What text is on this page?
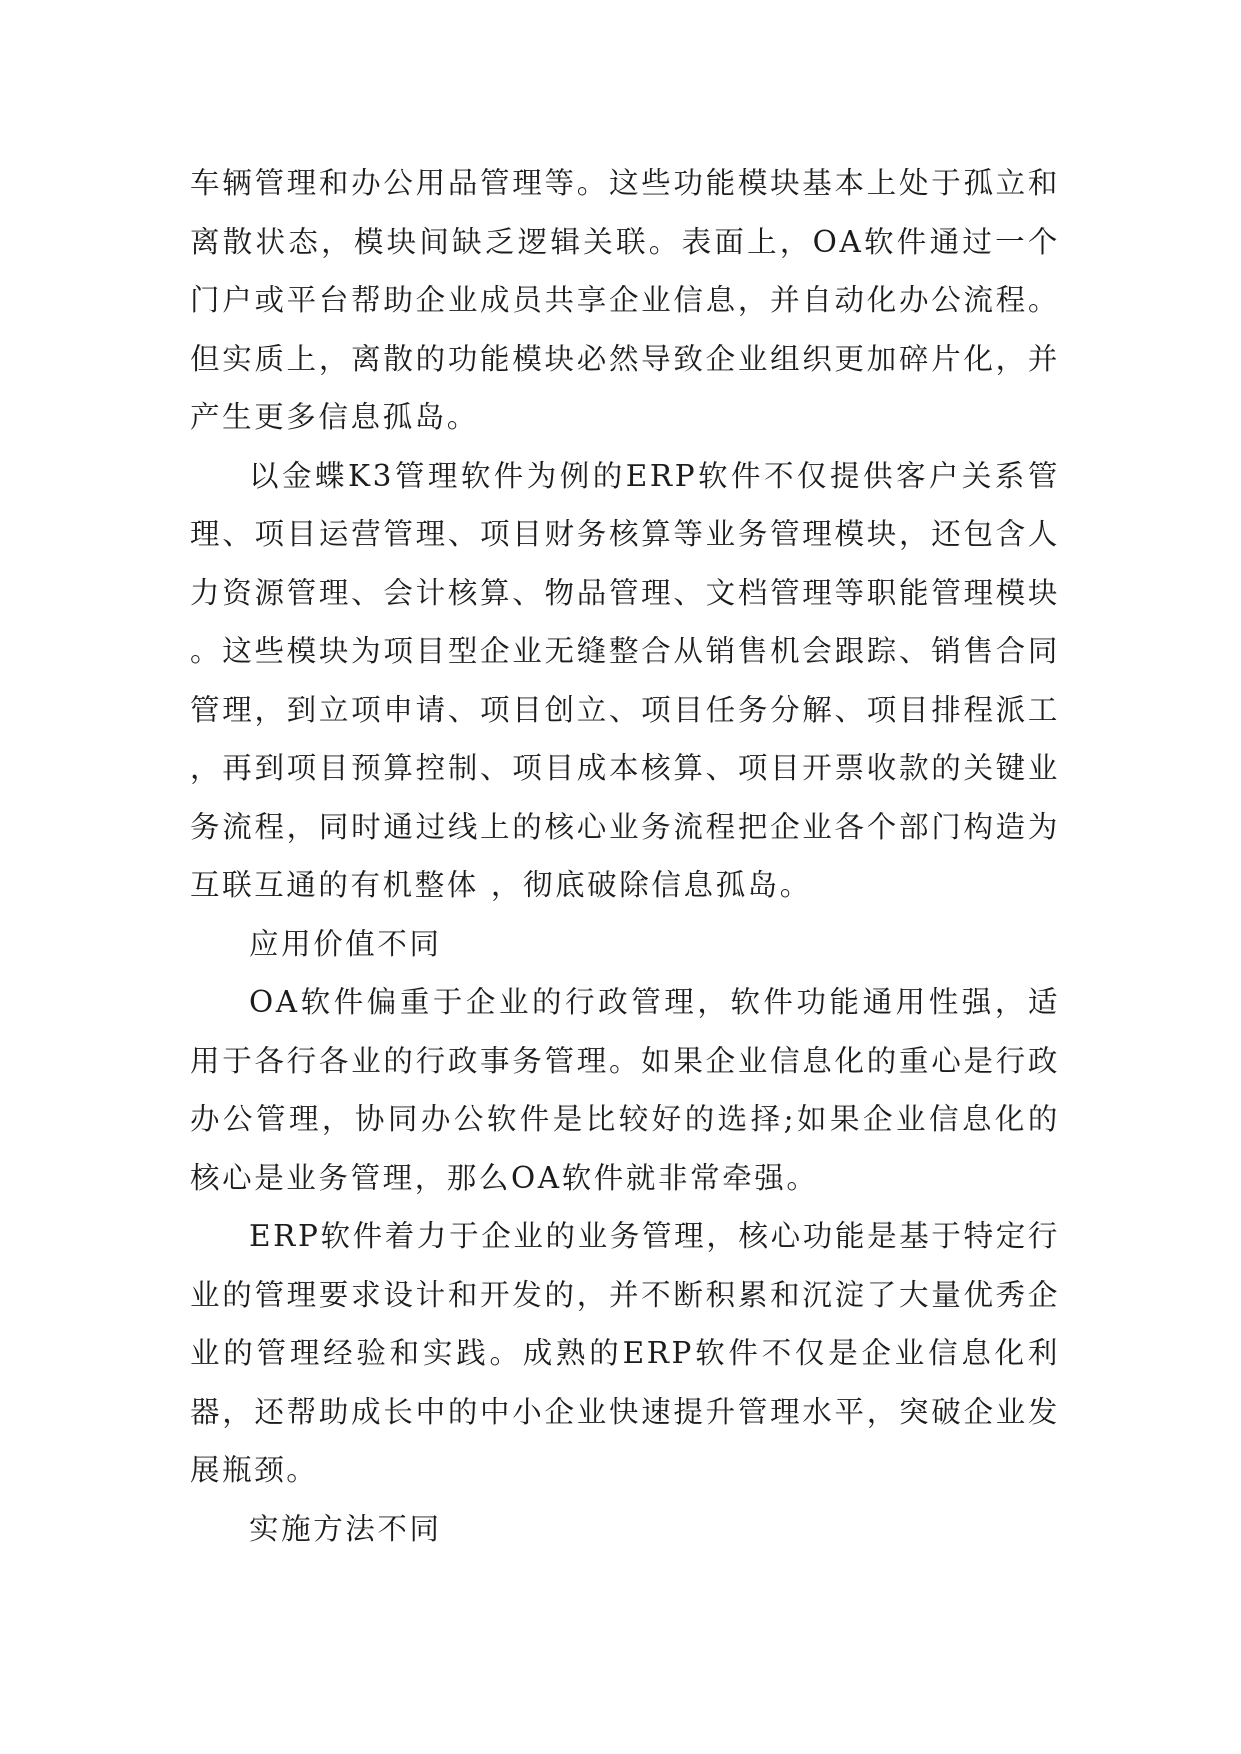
车辆管理和办公用品管理等。这些功能模块基本上处于孤立和离散状态，模块间缺乏逻辑关联。表面上，OA软件通过一个门户或平台帮助企业成员共享企业信息，并自动化办公流程。但实质上，离散的功能模块必然导致企业组织更加碎片化，并产生更多信息孤岛。

以金蝶K3管理软件为例的ERP软件不仅提供客户关系管理、项目运营管理、项目财务核算等业务管理模块，还包含人力资源管理、会计核算、物品管理、文档管理等职能管理模块。这些模块为项目型企业无缝整合从销售机会跟踪、销售合同管理，到立项申请、项目创立、项目任务分解、项目排程派工，再到项目预算控制、项目成本核算、项目开票收款的关键业务流程，同时通过线上的核心业务流程把企业各个部门构造为互联互通的有机整体 ，彻底破除信息孤岛。

应用价值不同

OA软件偏重于企业的行政管理，软件功能通用性强，适用于各行各业的行政事务管理。如果企业信息化的重心是行政办公管理，协同办公软件是比较好的选择;如果企业信息化的核心是业务管理，那么OA软件就非常牵强。

ERP软件着力于企业的业务管理，核心功能是基于特定行业的管理要求设计和开发的，并不断积累和沉淀了大量优秀企业的管理经验和实践。成熟的ERP软件不仅是企业信息化利器，还帮助成长中的中小企业快速提升管理水平，突破企业发展瓶颈。

实施方法不同
